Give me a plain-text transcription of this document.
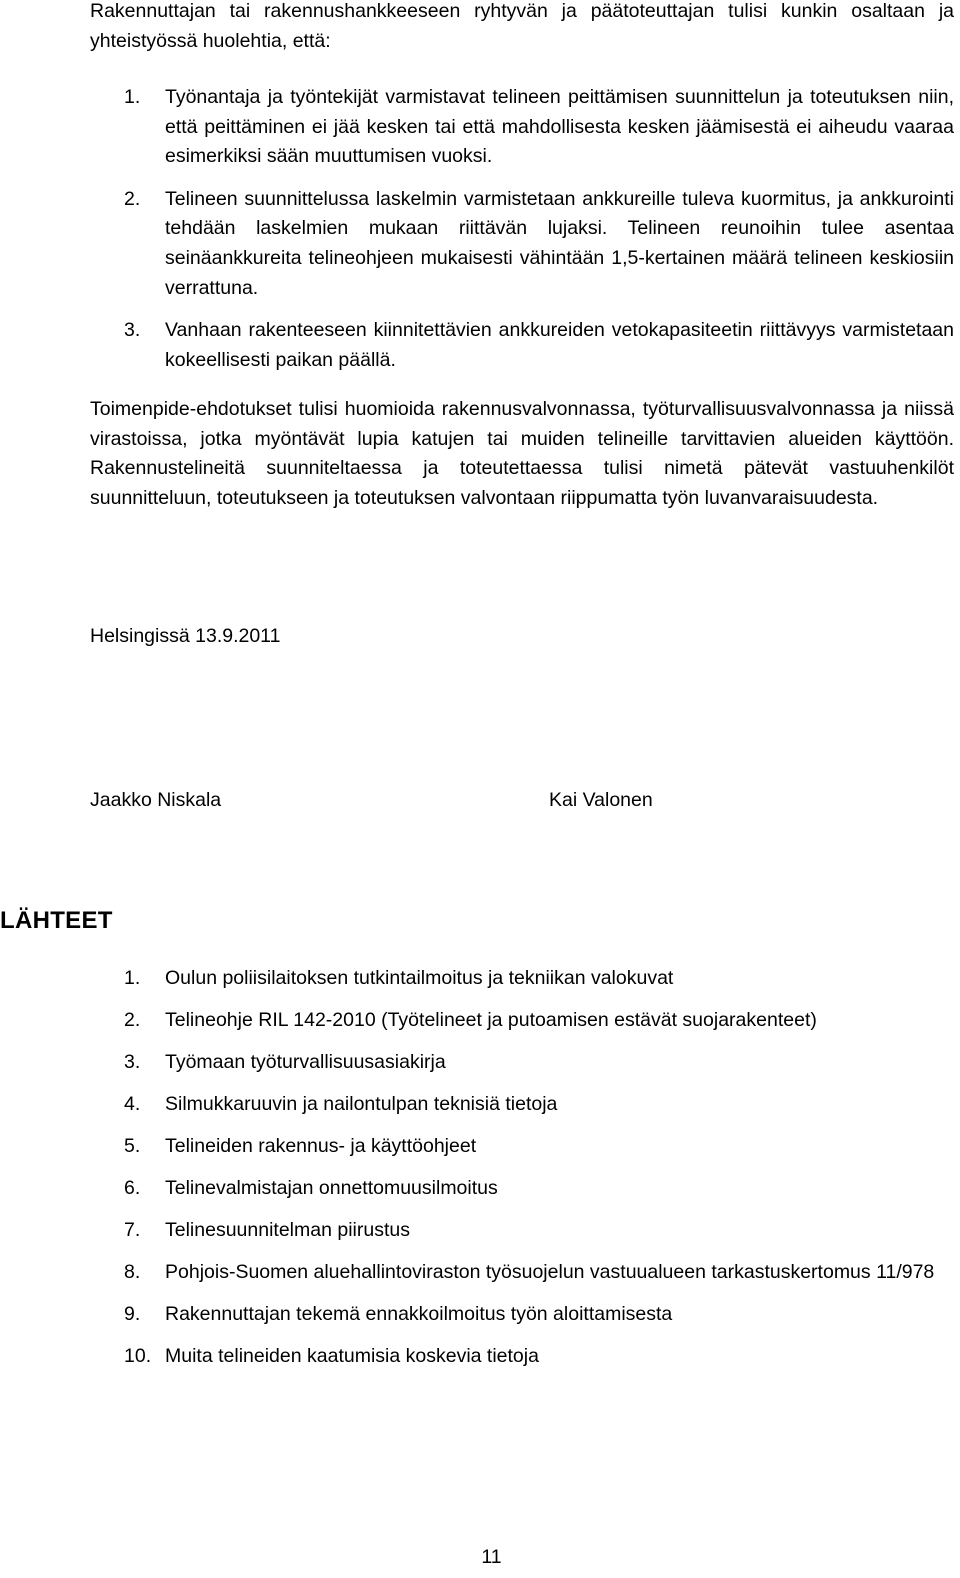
Rakennuttajan tai rakennushankkeeseen ryhtyvän ja päätoteuttajan tulisi kunkin osaltaan ja yhteistyössä huolehtia, että:

1.	Työnantaja ja työntekijät varmistavat telineen peittämisen suunnittelun ja toteutuksen niin, että peittäminen ei jää kesken tai että mahdollisesta kesken jäämisestä ei aiheudu vaaraa esimerkiksi sään muuttumisen vuoksi.
2.	Telineen suunnittelussa laskelmin varmistetaan ankkureille tuleva kuormitus, ja ankkurointi tehdään laskelmien mukaan riittävän lujaksi. Telineen reunoihin tulee asentaa seinäankkureita telineohjeen mukaisesti vähintään 1,5-kertainen määrä telineen keskiosiin verrattuna.
3.	Vanhaan rakenteeseen kiinnitettävien ankkureiden vetokapasiteetin riittävyys varmistetaan kokeellisesti paikan päällä.

Toimenpide-ehdotukset tulisi huomioida rakennusvalvonnassa, työturvallisuusvalvonnassa ja niissä virastoissa, jotka myöntävät lupia katujen tai muiden telineille tarvittavien alueiden käyttöön. Rakennustelineitä suunniteltaessa ja toteutettaessa tulisi nimetä pätevät vastuuhenkilöt suunnitteluun, toteutukseen ja toteutuksen valvontaan riippumatta työn luvanvaraisuudesta.

Helsingissä 13.9.2011
Jaakko Niskala	Kai Valonen
LÄHTEET
1.	Oulun poliisilaitoksen tutkintailmoitus ja tekniikan valokuvat
2.	Telineohje RIL 142-2010 (Työtelineet ja putoamisen estävät suojarakenteet)
3.	Työmaan työturvallisuusasiakirja
4.	Silmukkaruuvin ja nailontulpan teknisiä tietoja
5.	Telineiden rakennus- ja käyttöohjeet
6.	Telinevalmistajan onnettomuusilmoitus
7.	Telinesuunnitelman piirustus
8.	Pohjois-Suomen aluehallintoviraston työsuojelun vastuualueen tarkastuskertomus 11/978
9.	Rakennuttajan tekemä ennakkoilmoitus työn aloittamisesta
10. Muita telineiden kaatumisia koskevia tietoja
11
